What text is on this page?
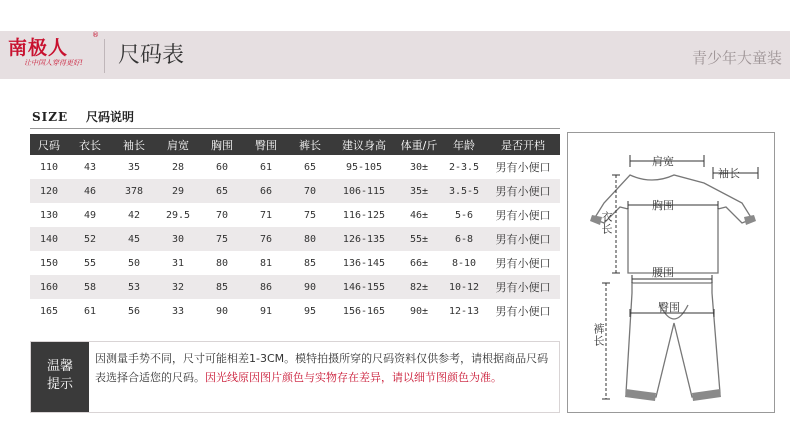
南极人
®
让中国人穿得更好! 尺码表	青少年大童装
SIZE 尺码说明
尺码	衣长	袖长	肩宽	胸围	臀围	裤长	建议身高	体重/斤	年龄	是否开档
110	43	35	28	60	61	65	95-105	30±	2-3.5	男有小便口
120	46	378	29	65	66	70	106-115	35±	3.5-5	男有小便口
130	49	42	29.5	70	71	75	116-125	46±	5-6	男有小便口
140	52	45	30	75	76	80	126-135	55±	6-8	男有小便口
150	55	50	31	80	81	85	136-145	66±	8-10	男有小便口
160	58	53	32	85	86	90	146-155	82±	10-12	男有小便口
165	61	56	33	90	91	95	156-165	90±	12-13	男有小便口
温馨
提示
因测量手势不同，尺寸可能相差1-3CM。模特拍摄所穿的尺码资料仅供参考，请根据商品尺码表选择合适您的尺码。因光线原因图片颜色与实物存在差异，请以细节图颜色为准。
肩宽
袖长
胸围
衣长
腰围
臀围
裤长
